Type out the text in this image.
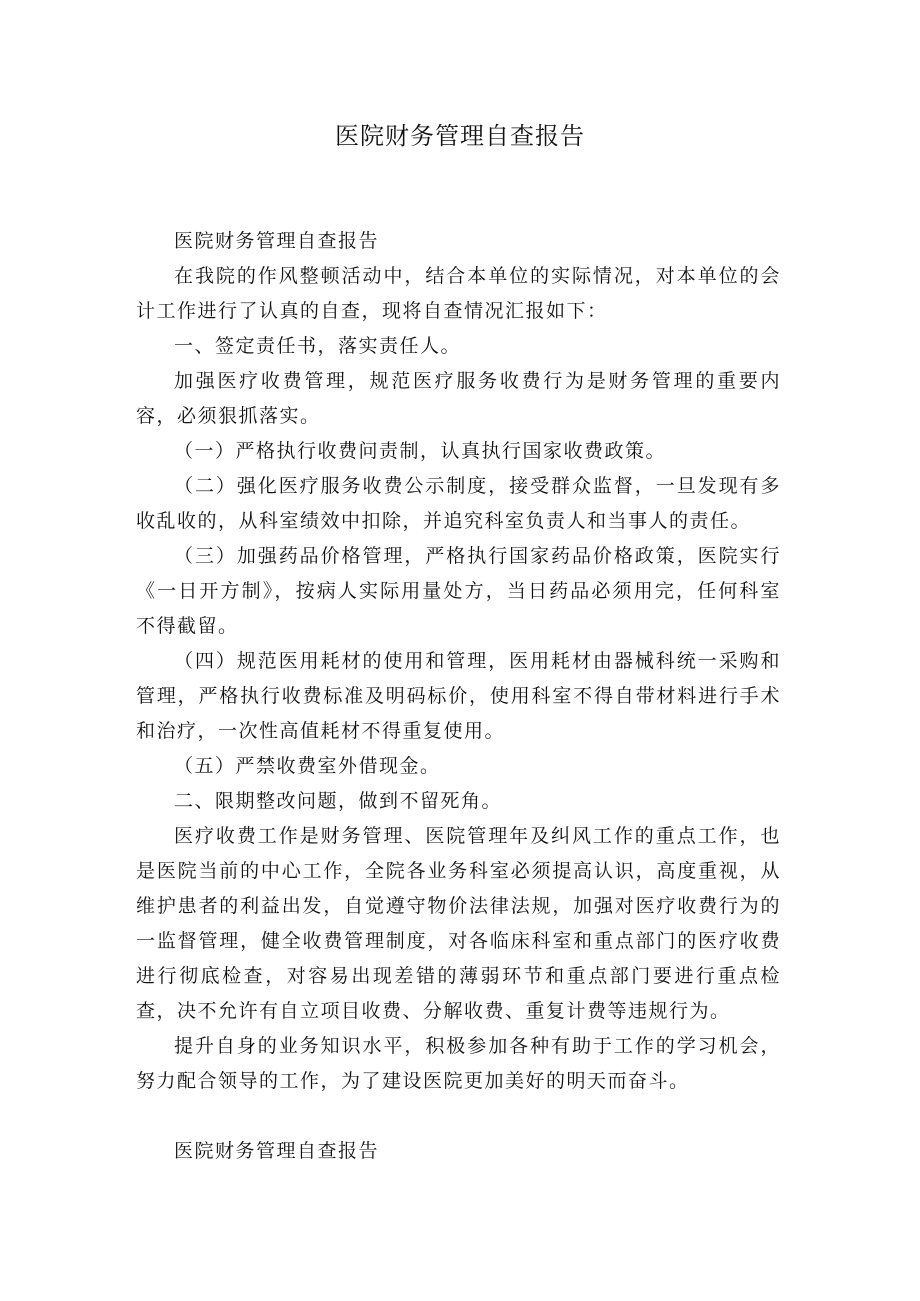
医院财务管理自查报告

医院财务管理自查报告

在我院的作风整顿活动中，结合本单位的实际情况，对本单位的会计工作进行了认真的自查，现将自查情况汇报如下：

一、签定责任书，落实责任人。

加强医疗收费管理，规范医疗服务收费行为是财务管理的重要内容，必须狠抓落实。

（一）严格执行收费问责制，认真执行国家收费政策。

（二）强化医疗服务收费公示制度，接受群众监督，一旦发现有多收乱收的，从科室绩效中扣除，并追究科室负责人和当事人的责任。

（三）加强药品价格管理，严格执行国家药品价格政策，医院实行《一日开方制》，按病人实际用量处方，当日药品必须用完，任何科室不得截留。

（四）规范医用耗材的使用和管理，医用耗材由器械科统一采购和管理，严格执行收费标准及明码标价，使用科室不得自带材料进行手术和治疗，一次性高值耗材不得重复使用。

（五）严禁收费室外借现金。

二、限期整改问题，做到不留死角。

医疗收费工作是财务管理、医院管理年及纠风工作的重点工作，也是医院当前的中心工作，全院各业务科室必须提高认识，高度重视，从维护患者的利益出发，自觉遵守物价法律法规，加强对医疗收费行为的一监督管理，健全收费管理制度，对各临床科室和重点部门的医疗收费进行彻底检查，对容易出现差错的薄弱环节和重点部门要进行重点检查，决不允许有自立项目收费、分解收费、重复计费等违规行为。

提升自身的业务知识水平，积极参加各种有助于工作的学习机会，努力配合领导的工作，为了建设医院更加美好的明天而奋斗。

医院财务管理自查报告
